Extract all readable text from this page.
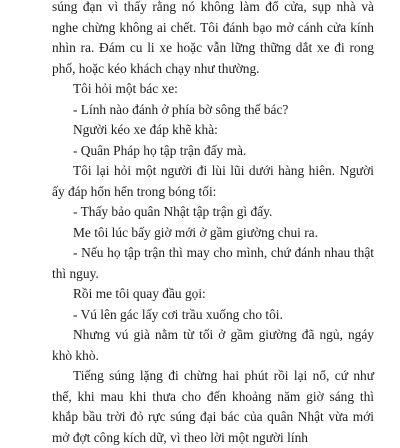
súng đạn vì thấy rằng nó không làm đổ cửa, sụp nhà và nghe chừng không ai chết. Tôi đánh bạo mở cánh cửa kính nhìn ra. Đám cu li xe hoặc vẫn lững thững dắt xe đi rong phố, hoặc kéo khách chạy như thường.

Tôi hỏi một bác xe:

- Lính nào đánh ở phía bờ sông thế bác?

Người kéo xe đáp khẽ khà:

- Quân Pháp họ tập trận đấy mà.

Tôi lại hỏi một người đi lùi lũi dưới hàng hiên. Người ấy đáp hổn hển trong bóng tối:

- Thấy bảo quân Nhật tập trận gì đấy.

Me tôi lúc bấy giờ mới ở gầm giường chui ra.

- Nếu họ tập trận thì may cho mình, chứ đánh nhau thật thì nguy.

Rồi me tôi quay đầu gọi:

- Vú lên gác lấy cơi trầu xuống cho tôi.

Nhưng vú già nằm từ tối ở gầm giường đã ngủ, ngáy khò khò.

Tiếng súng lặng đi chừng hai phút rồi lại nổ, cứ như thế, khi mau khi thưa cho đến khoảng năm giờ sáng thì khắp bầu trời đỏ rực súng đại bác của quân Nhật vừa mới mở đợt công kích dữ, vì theo lời một người lính
